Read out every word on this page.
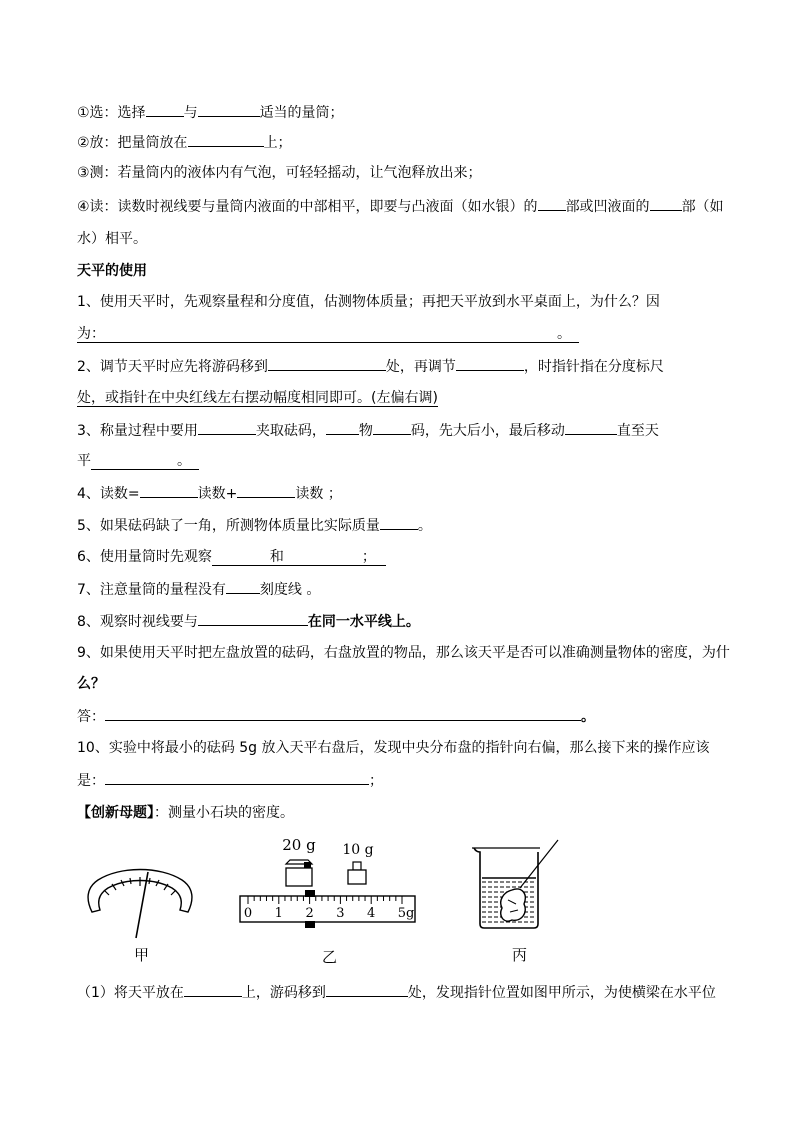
①选：选择	与	适当的量筒；
②放：把量筒放在	上；
③测：若量筒内的液体内有气泡，可轻轻摇动，让气泡释放出来；
④读：读数时视线要与量筒内液面的中部相平，即要与凸液面（如水银）的 部或凹液面的 部（如
水）相平。
天平的使用
1、使用天平时，先观察量程和分度值，估测物体质量；再把天平放到水平桌面上，为什么？因
为：	。
2、调节天平时应先将游码移到	处，再调节	，时指针指在分度标尺
处，或指针在中央红线左右摆动幅度相同即可。(左偏右调)
3、称量过程中要用	夹取砝码， 物	码，先大后小，最后移动	直至天
平	。
4、读数=	读数+	读数 ；
5、如果砝码缺了一角，所测物体质量比实际质量	。
6、使用量筒时先观察	和	；
7、注意量筒的量程没有 刻度线 。
8、观察时视线要与	在同一水平线上。
9、如果使用天平时把左盘放置的砝码，右盘放置的物品，那么该天平是否可以准确测量物体的密度，为什
么？
答：	。
10、实验中将最小的砝码 5g 放入天平右盘后，发现中央分布盘的指针向右偏，那么接下来的操作应该
是：	；
【创新母题】：测量小石块的密度。
20 g 10 g
0 1 2 3 4 5g
甲	乙	丙
（1）将天平放在	上，游码移到	处，发现指针位置如图甲所示，为使横梁在水平位
